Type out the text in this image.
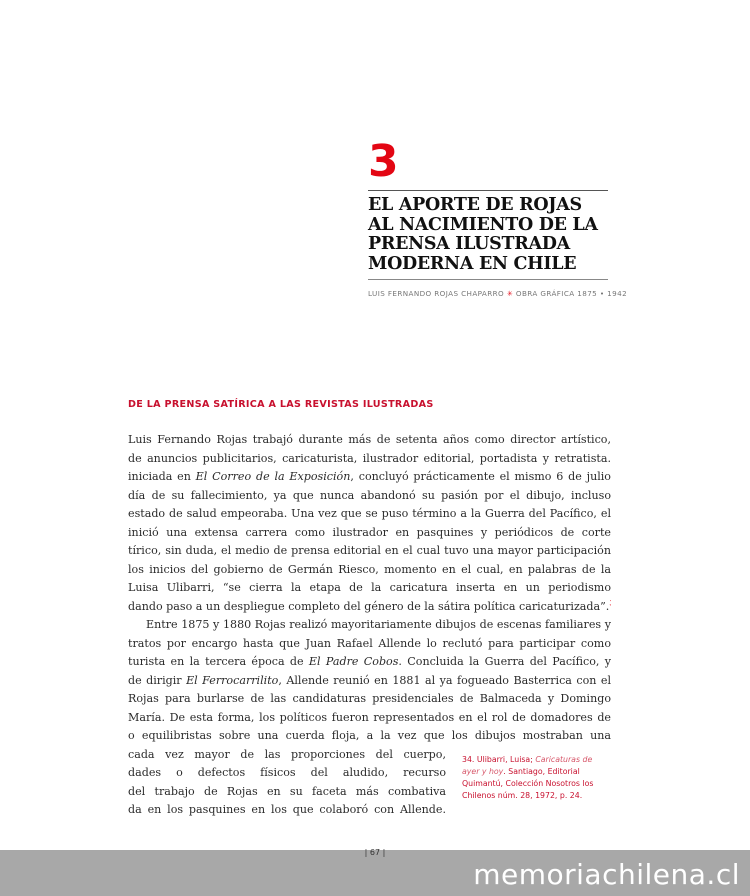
3
EL APORTE DE ROJAS
AL NACIMIENTO DE LA
PRENSA ILUSTRADA
MODERNA EN CHILE
LUIS FERNANDO ROJAS CHAPARRO ✳ OBRA GRÁFICA 1875 • 1942
DE LA PRENSA SATÍRICA A LAS REVISTAS ILUSTRADAS
Luis Fernando Rojas trabajó durante más de setenta años como director artístico,
de anuncios publicitarios, caricaturista, ilustrador editorial, portadista y retratista.
iniciada en El Correo de la Exposición, concluyó prácticamente el mismo 6 de julio
día de su fallecimiento, ya que nunca abandonó su pasión por el dibujo, incluso
estado de salud empeoraba. Una vez que se puso término a la Guerra del Pacífico, el
inició una extensa carrera como ilustrador en pasquines y periódicos de corte
tírico, sin duda, el medio de prensa editorial en el cual tuvo una mayor participación
los inicios del gobierno de Germán Riesco, momento en el cual, en palabras de la
Luisa Ulibarri, “se cierra la etapa de la caricatura inserta en un periodismo
dando paso a un despliegue completo del género de la sátira política caricaturizada”.
Entre 1875 y 1880 Rojas realizó mayoritariamente dibujos de escenas familiares y
tratos por encargo hasta que Juan Rafael Allende lo reclutó para participar como
turista en la tercera época de El Padre Cobos. Concluida la Guerra del Pacífico, y
de dirigir El Ferrocarrilito, Allende reunió en 1881 al ya fogueado Basterrica con el
Rojas para burlarse de las candidaturas presidenciales de Balmaceda y Domingo
María. De esta forma, los políticos fueron representados en el rol de domadores de
o equilibristas sobre una cuerda floja, a la vez que los dibujos mostraban una
cada vez mayor de las proporciones del cuerpo,
dades o defectos físicos del aludido, recurso
del trabajo de Rojas en su faceta más combativa
da en los pasquines en los que colaboró con Allende.
34. Ulibarri, Luisa; Caricaturas de ayer y hoy. Santiago, Editorial Quimantú, Colección Nosotros los Chilenos núm. 28, 1972, p. 24.
| 67 |
memoriachilena.cl
